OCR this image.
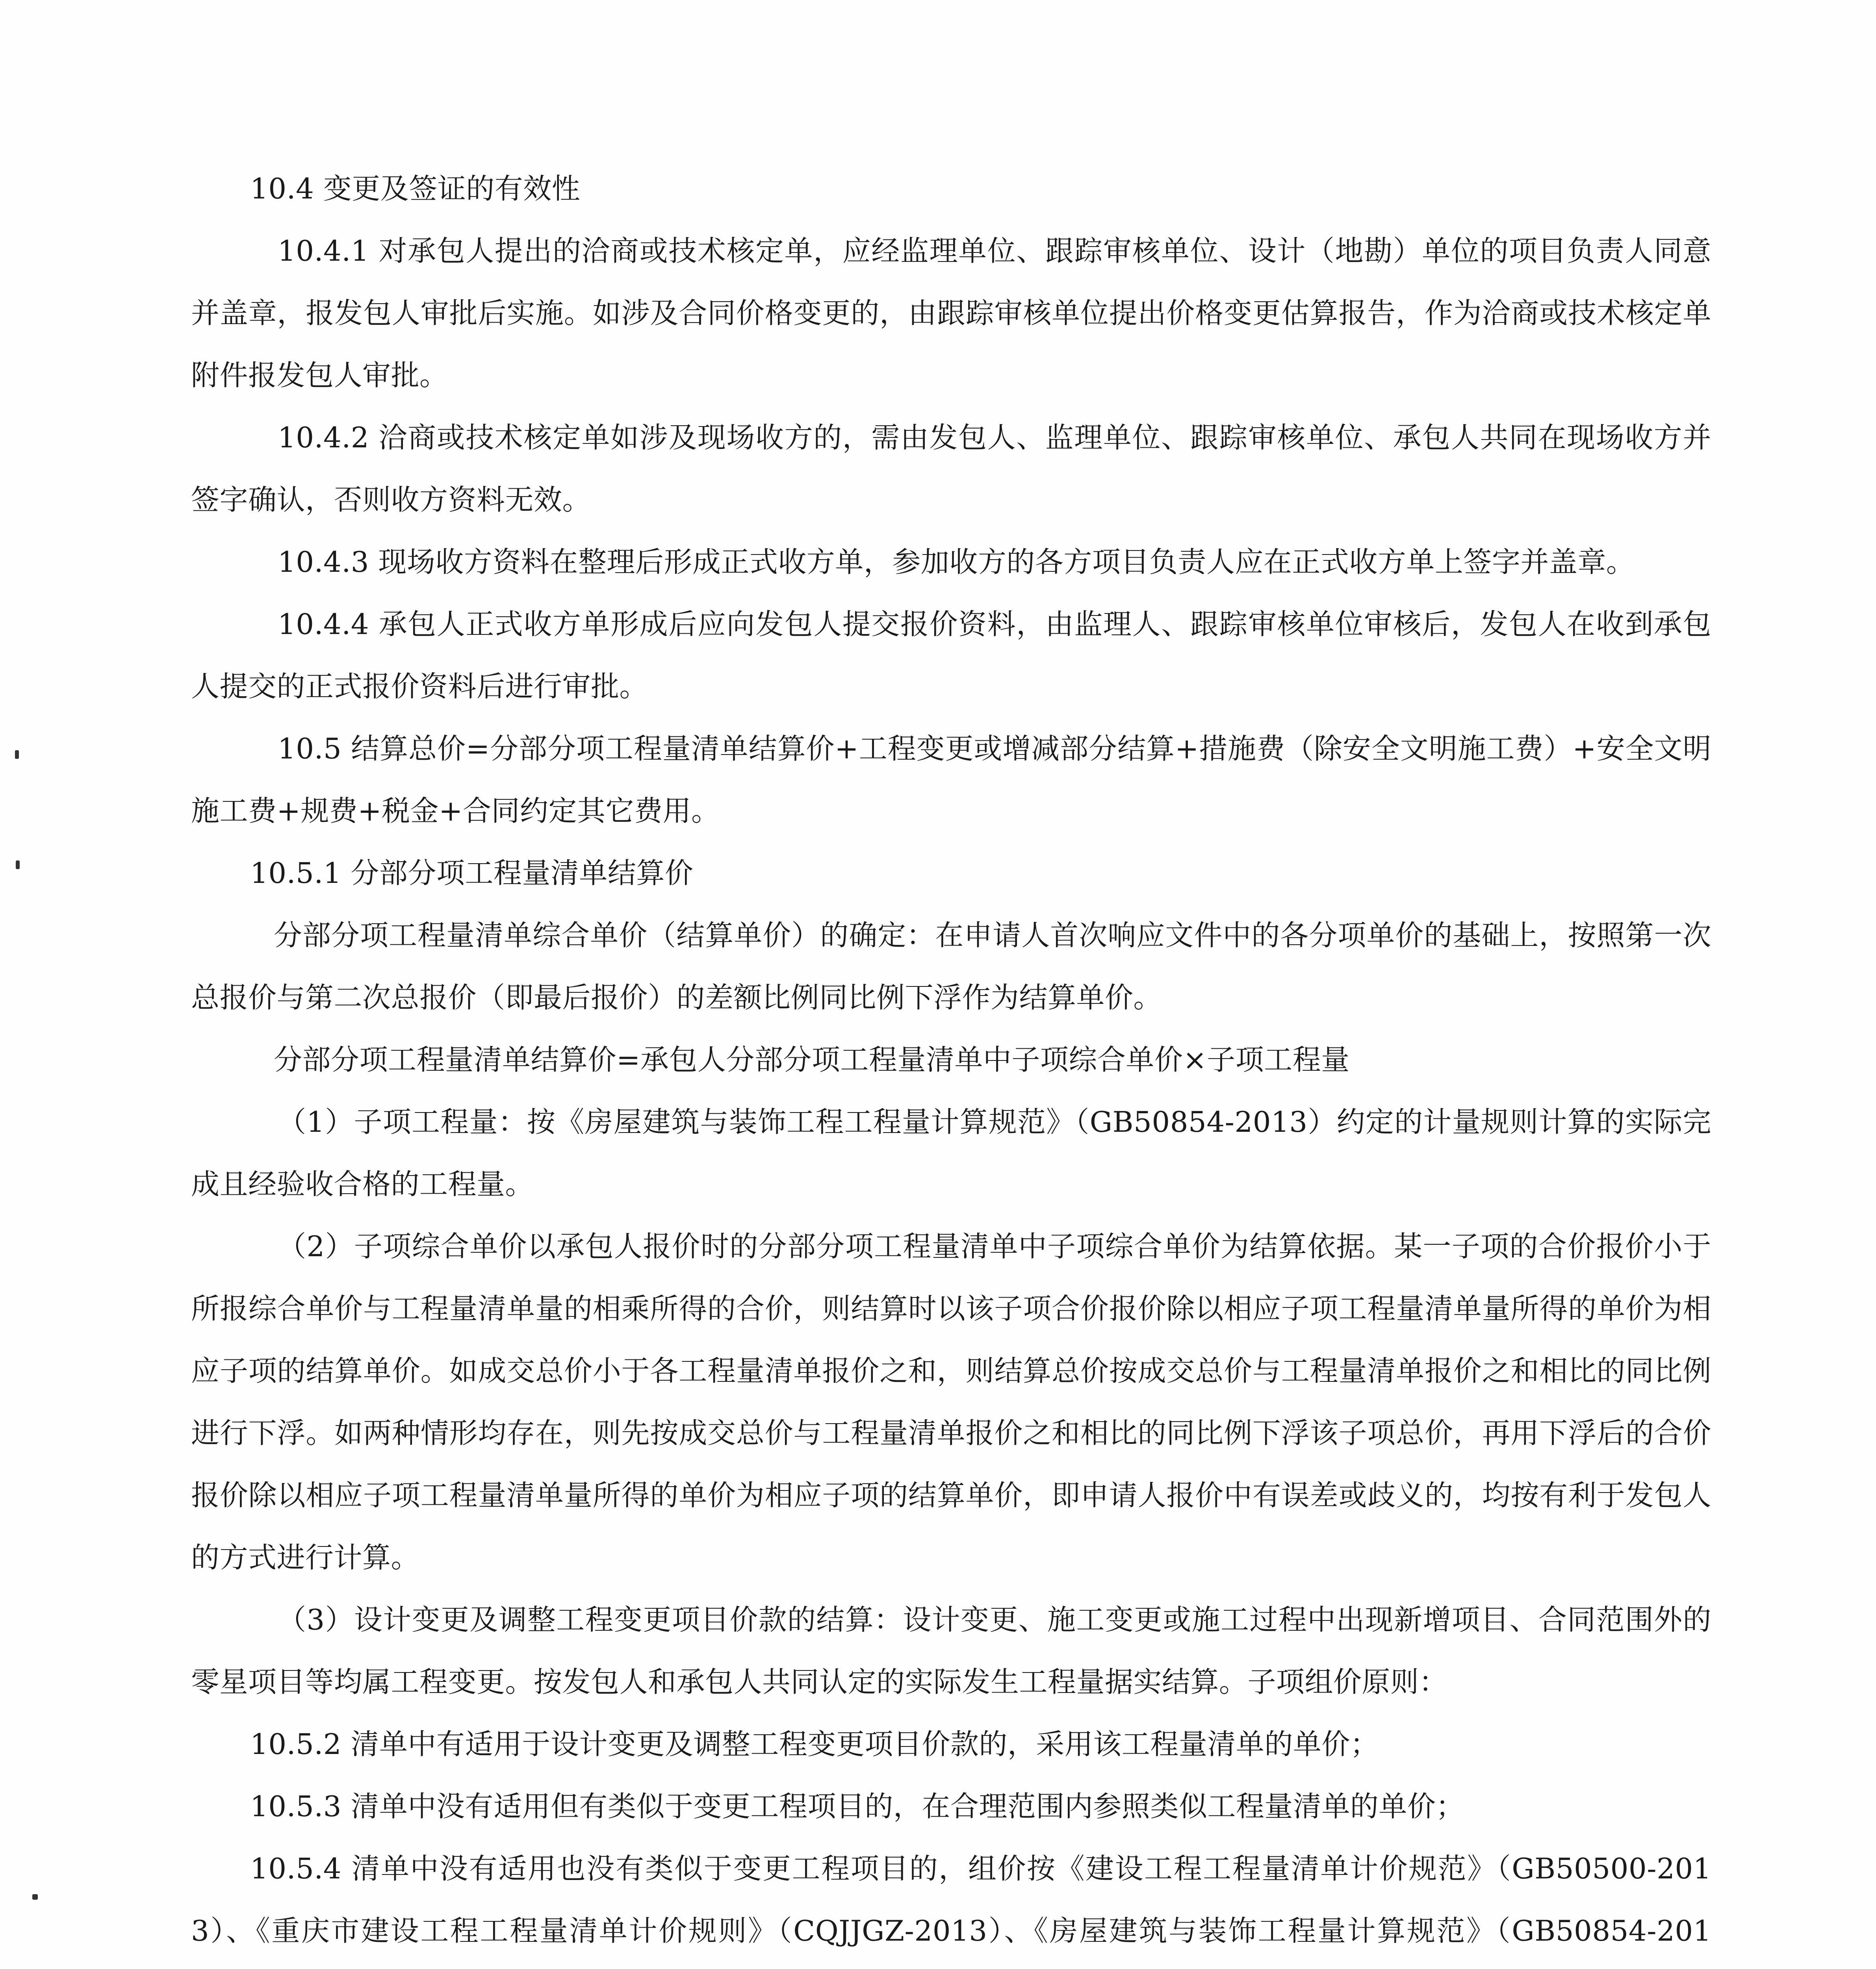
10.4 变更及签证的有效性

10.4.1 对承包人提出的洽商或技术核定单，应经监理单位、跟踪审核单位、设计（地勘）单位的项目负责人同意并盖章，报发包人审批后实施。如涉及合同价格变更的，由跟踪审核单位提出价格变更估算报告，作为洽商或技术核定单附件报发包人审批。

10.4.2 洽商或技术核定单如涉及现场收方的，需由发包人、监理单位、跟踪审核单位、承包人共同在现场收方并签字确认，否则收方资料无效。

10.4.3 现场收方资料在整理后形成正式收方单，参加收方的各方项目负责人应在正式收方单上签字并盖章。

10.4.4 承包人正式收方单形成后应向发包人提交报价资料，由监理人、跟踪审核单位审核后，发包人在收到承包人提交的正式报价资料后进行审批。

10.5 结算总价=分部分项工程量清单结算价+工程变更或增减部分结算+措施费（除安全文明施工费）+安全文明施工费+规费+税金+合同约定其它费用。

10.5.1 分部分项工程量清单结算价

分部分项工程量清单综合单价（结算单价）的确定：在申请人首次响应文件中的各分项单价的基础上，按照第一次总报价与第二次总报价（即最后报价）的差额比例同比例下浮作为结算单价。

分部分项工程量清单结算价=承包人分部分项工程量清单中子项综合单价×子项工程量

（1）子项工程量：按《房屋建筑与装饰工程工程量计算规范》（GB50854-2013）约定的计量规则计算的实际完成且经验收合格的工程量。

（2）子项综合单价以承包人报价时的分部分项工程量清单中子项综合单价为结算依据。某一子项的合价报价小于所报综合单价与工程量清单量的相乘所得的合价，则结算时以该子项合价报价除以相应子项工程量清单量所得的单价为相应子项的结算单价。如成交总价小于各工程量清单报价之和，则结算总价按成交总价与工程量清单报价之和相比的同比例进行下浮。如两种情形均存在，则先按成交总价与工程量清单报价之和相比的同比例下浮该子项总价，再用下浮后的合价报价除以相应子项工程量清单量所得的单价为相应子项的结算单价，即申请人报价中有误差或歧义的，均按有利于发包人的方式进行计算。

（3）设计变更及调整工程变更项目价款的结算：设计变更、施工变更或施工过程中出现新增项目、合同范围外的零星项目等均属工程变更。按发包人和承包人共同认定的实际发生工程量据实结算。子项组价原则：

10.5.2 清单中有适用于设计变更及调整工程变更项目价款的，采用该工程量清单的单价；

10.5.3 清单中没有适用但有类似于变更工程项目的，在合理范围内参照类似工程量清单的单价；

10.5.4 清单中没有适用也没有类似于变更工程项目的，组价按《建设工程工程量清单计价规范》（GB50500-2013）、《重庆市建设工程工程量清单计价规则》（CQJJGZ-2013）、《房屋建筑与装饰工程量计算规范》（GB50854-201
